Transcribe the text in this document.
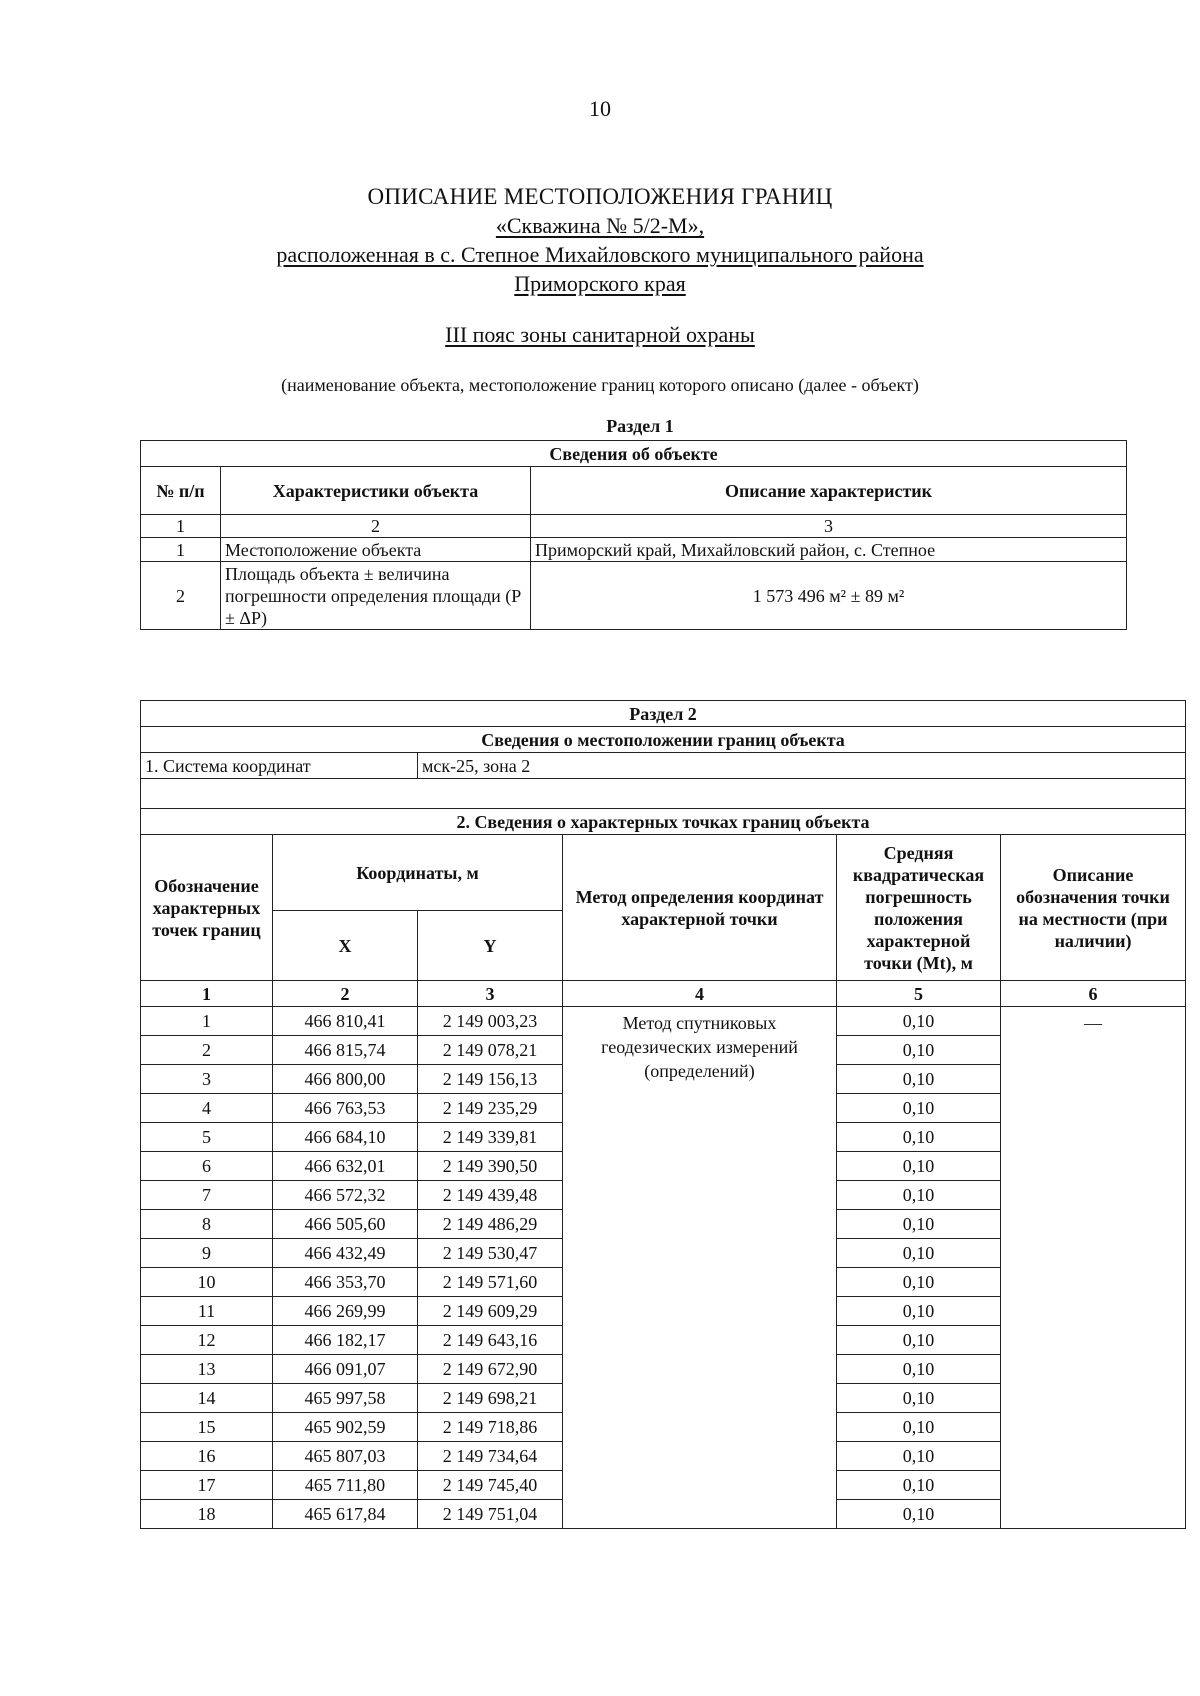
10
ОПИСАНИЕ МЕСТОПОЛОЖЕНИЯ ГРАНИЦ
«Скважина № 5/2-М»,
расположенная в с. Степное Михайловского муниципального района
Приморского края
III пояс зоны санитарной охраны
(наименование объекта, местоположение границ которого описано (далее - объект)
Раздел 1
Сведения об объекте		
№ п/п	Характеристики объекта	Описание характеристик
1	2	3
1	Местоположение объекта	Приморский край, Михайловский район, с. Степное
2	Площадь объекта ± величина погрешности определения площади (Р ± ΔР)	1 573 496 м² ± 89 м²
Раздел 2					
Сведения о местоположении границ объекта					
1. Система координат		мск-25, зона 2			

2. Сведения о характерных точках границ объекта					
Обозначение характерных точек границ	Координаты, м		Метод определения координат характерной точки	Средняя квадратическая погрешность положения характерной точки (Mt), м	Описание обозначения точки на местности (при наличии)
	X	Y			
1	2	3	4	5	6
1	466 810,41	2 149 003,23	Метод спутниковых геодезических измерений (определений)	0,10	—
2	466 815,74	2 149 078,21		0,10	
3	466 800,00	2 149 156,13		0,10	
4	466 763,53	2 149 235,29		0,10	
5	466 684,10	2 149 339,81		0,10	
6	466 632,01	2 149 390,50		0,10	
7	466 572,32	2 149 439,48		0,10	
8	466 505,60	2 149 486,29		0,10	
9	466 432,49	2 149 530,47		0,10	
10	466 353,70	2 149 571,60		0,10	
11	466 269,99	2 149 609,29		0,10	
12	466 182,17	2 149 643,16		0,10	
13	466 091,07	2 149 672,90		0,10	
14	465 997,58	2 149 698,21		0,10	
15	465 902,59	2 149 718,86		0,10	
16	465 807,03	2 149 734,64		0,10	
17	465 711,80	2 149 745,40		0,10	
18	465 617,84	2 149 751,04		0,10	
